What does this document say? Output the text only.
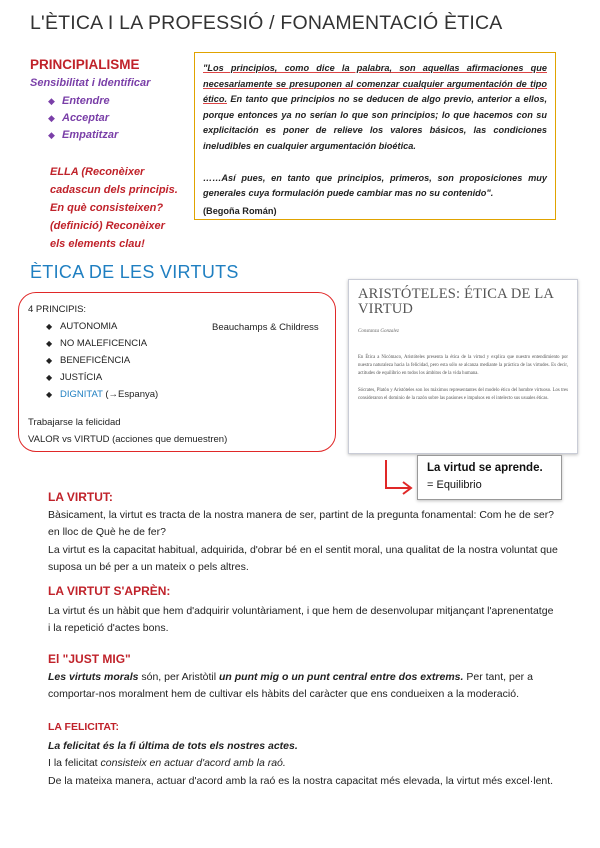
L'ÈTICA I LA PROFESSIÓ / FONAMENTACIÓ ÈTICA
PRINCIPIALISME
Sensibilitat i Identificar
◆ Entendre
◆ Acceptar
◆ Empatitzar
ELLA (Reconèixer cadascun dels principis. En què consisteixen? (definició) Reconèixer els elements clau!

"Los principios, como dice la palabra, son aquellas afirmaciones que necesariamente se presuponen al comenzar cualquier argumentación de tipo ético. En tanto que principios no se deducen de algo previo, anterior a ellos, porque entonces ya no serían lo que son principios; lo que hacemos con su explicitación es poner de relieve los valores básicos, las condiciones ineludibles en cualquier argumentación bioética.

……Así pues, en tanto que principios, primeros, son proposiciones muy generales cuya formulación puede cambiar mas no su contenido".

(Begoña Román)
ÈTICA DE LES VIRTUTS
4 PRINCIPIS:
◆ AUTONOMIA
◆ NO MALEFICENCIA
◆ BENEFICÈNCIA
◆ JUSTÍCIA
◆ DIGNITAT (→Espanya)
Beauchamps & Childress
Trabajarse la felicidad
VALOR vs VIRTUD (acciones que demuestren)
ARISTÓTELES: ÉTICA DE LA VIRTUD
Constanza Gonzalez
En Ética a Nicómaco, Aristóteles presenta la ética de la virtud y explica que nuestro entendimiento por nuestra naturaleza hacia la felicidad, pero esta sólo se alcanza mediante la práctica de las virtudes. Es decir, actitudes de equilibrio en todos los ámbitos de la vida humana.
Sócrates, Platón y Aristóteles son los máximos representantes del modelo ético del hombre virtuoso. Los tres consideraron el dominio de la razón sobre las pasiones e impulsos en el intelecto sus usuales éticas.
La virtud se aprende.
= Equilibrio
LA VIRTUT:
Bàsicament, la virtut es tracta de la nostra manera de ser, partint de la pregunta fonamental: Com he de ser? en lloc de Què he de fer?
La virtut es la capacitat habitual, adquirida, d'obrar bé en el sentit moral, una qualitat de la nostra voluntat que suposa un bé per a un mateix o pels altres.
LA VIRTUT S'APRÈN:
La virtut és un hàbit que hem d'adquirir voluntàriament, i que hem de desenvolupar mitjançant l'aprenentatge i la repetició d'actes bons.
El "JUST MIG"
Les virtuts morals són, per Aristòtil un punt mig o un punt central entre dos extrems. Per tant, per a comportar-nos moralment hem de cultivar els hàbits del caràcter que ens condueixen a la moderació.
LA FELICITAT:
La felicitat és la fi última de tots els nostres actes.
I la felicitat consisteix en actuar d'acord amb la raó.
De la mateixa manera, actuar d'acord amb la raó es la nostra capacitat més elevada, la virtut més excel·lent.
